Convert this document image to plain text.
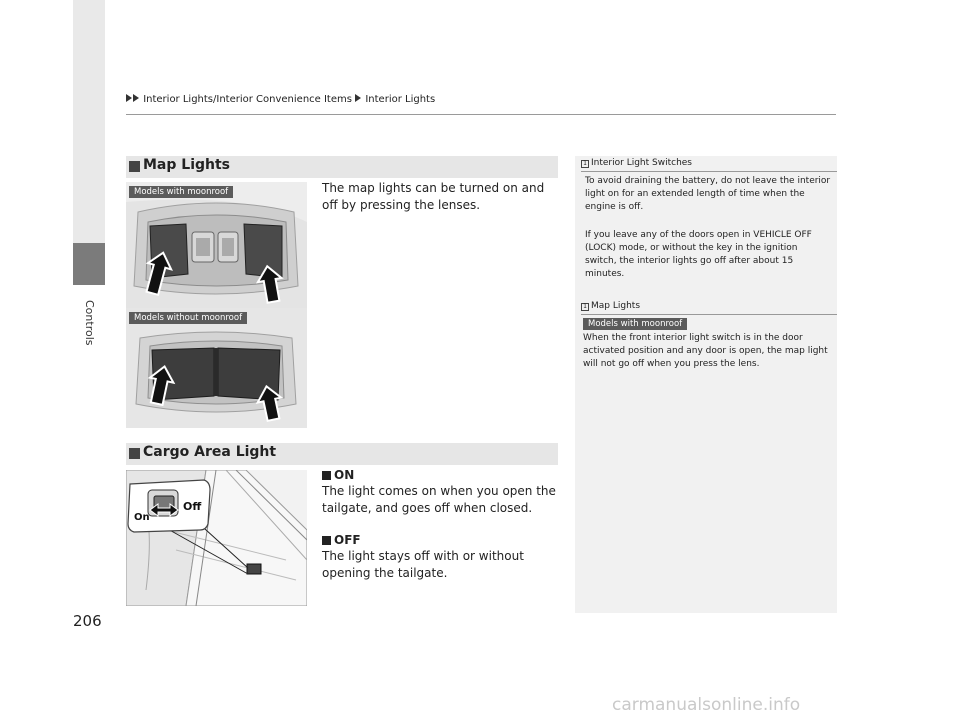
Interior Lights/Interior Convenience Items Interior Lights
Controls
206
Map Lights
The map lights can be turned on and off by pressing the lenses.
Models with moonroof
Models without moonroof
Cargo Area Light
Off
On
ON
The light comes on when you open the tailgate, and goes off when closed.
OFF
The light stays off with or without opening the tailgate.
1 Interior Light Switches
To avoid draining the battery, do not leave the interior light on for an extended length of time when the engine is off.
If you leave any of the doors open in VEHICLE OFF (LOCK) mode, or without the key in the ignition switch, the interior lights go off after about 15 minutes.
1 Map Lights
Models with moonroof
When the front interior light switch is in the door activated position and any door is open, the map light will not go off when you press the lens.
carmanualsonline.info
